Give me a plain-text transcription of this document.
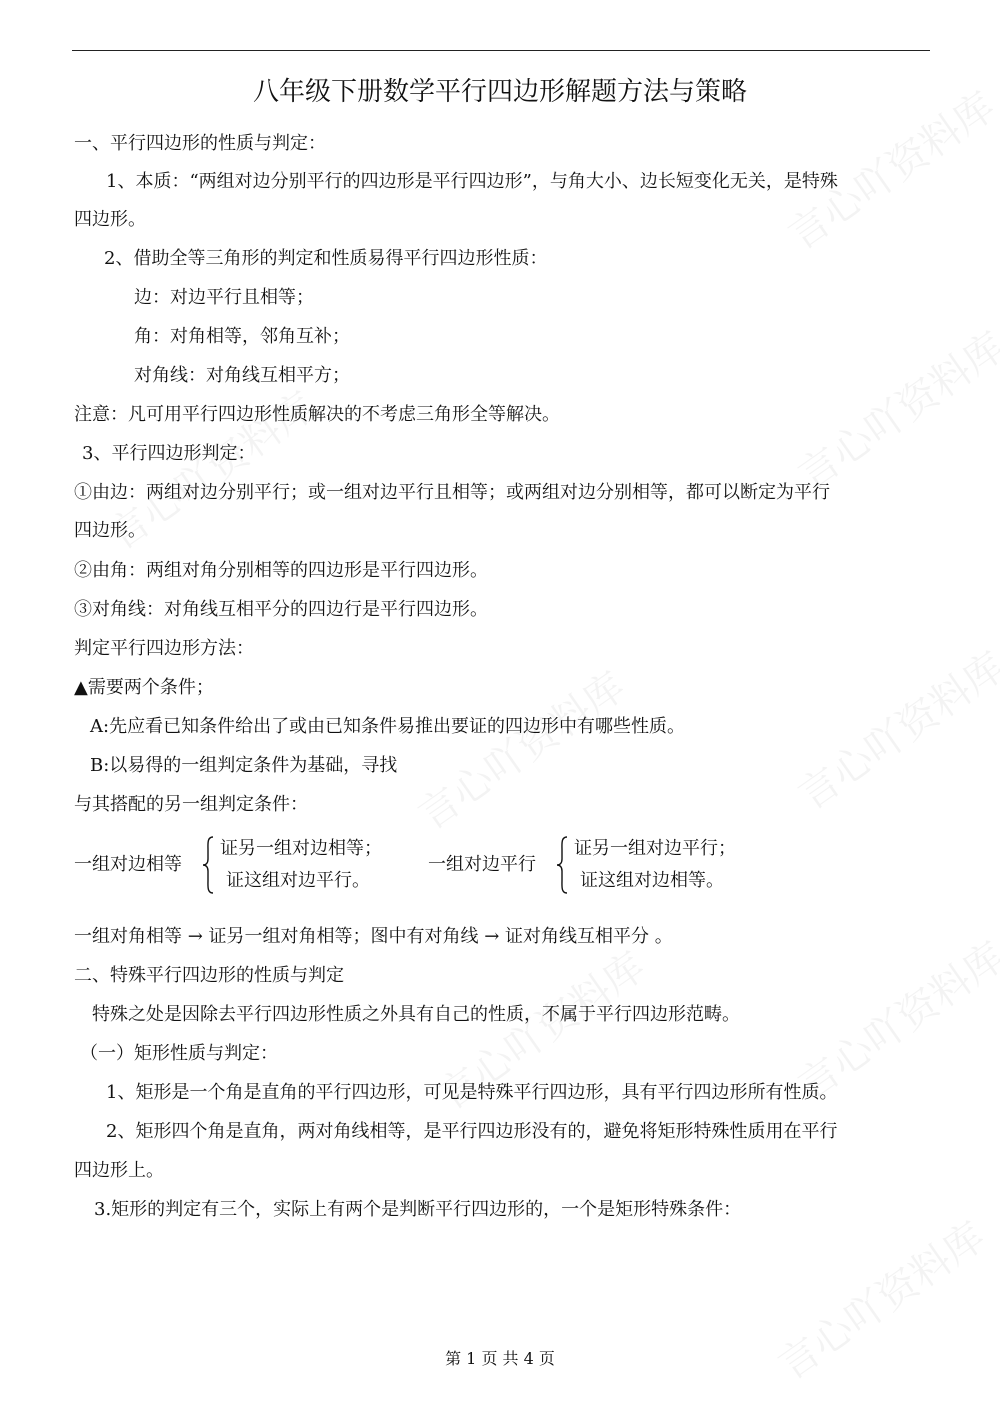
八年级下册数学平行四边形解题方法与策略
一、平行四边形的性质与判定：
1、本质：“两组对边分别平行的四边形是平行四边形”，与角大小、边长短变化无关，是特殊
四边形。
2、借助全等三角形的判定和性质易得平行四边形性质：
边：对边平行且相等；
角：对角相等，邻角互补；
对角线：对角线互相平方；
注意：凡可用平行四边形性质解决的不考虑三角形全等解决。
3、平行四边形判定：
①由边：两组对边分别平行；或一组对边平行且相等；或两组对边分别相等，都可以断定为平行
四边形。
②由角：两组对角分别相等的四边形是平行四边形。
③对角线：对角线互相平分的四边行是平行四边形。
判定平行四边形方法：
▲需要两个条件；
A:先应看已知条件给出了或由已知条件易推出要证的四边形中有哪些性质。
B:以易得的一组判定条件为基础，寻找
与其搭配的另一组判定条件：
一组对边相等
证另一组对边相等；
证这组对边平行。
一组对边平行
证另一组对边平行；
证这组对边相等。
一组对角相等 → 证另一组对角相等；图中有对角线 → 证对角线互相平分 。
二、特殊平行四边形的性质与判定
特殊之处是因除去平行四边形性质之外具有自己的性质，不属于平行四边形范畴。
（一）矩形性质与判定：
1、矩形是一个角是直角的平行四边形，可见是特殊平行四边形，具有平行四边形所有性质。
2、矩形四个角是直角，两对角线相等，是平行四边形没有的，避免将矩形特殊性质用在平行
四边形上。
3.矩形的判定有三个，实际上有两个是判断平行四边形的，一个是矩形特殊条件：
第 1 页 共 4 页
